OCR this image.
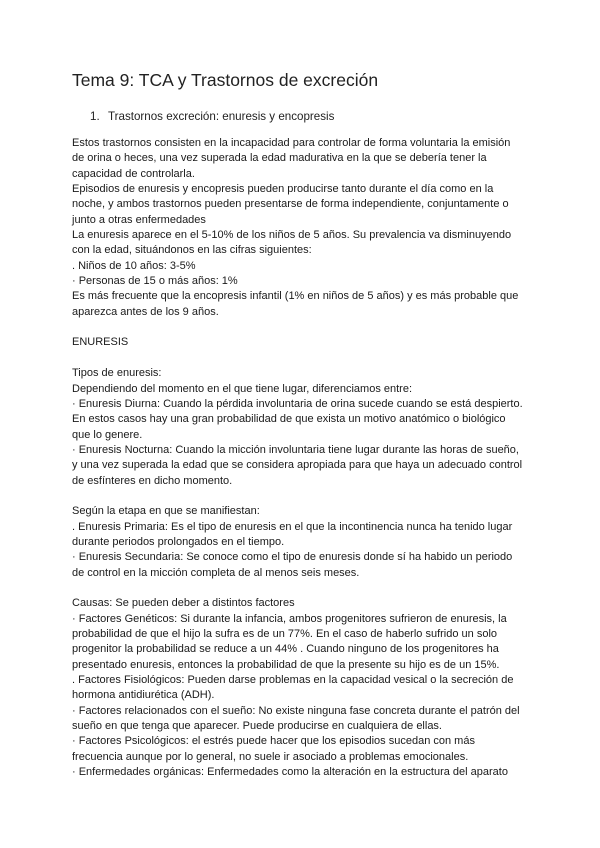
Tema 9: TCA y Trastornos de excreción
1. Trastornos excreción: enuresis y encopresis
Estos trastornos consisten en la incapacidad para controlar de forma voluntaria la emisión
de orina o heces, una vez superada la edad madurativa en la que se debería tener la
capacidad de controlarla.
Episodios de enuresis y encopresis pueden producirse tanto durante el día como en la
noche, y ambos trastornos pueden presentarse de forma independiente, conjuntamente o
junto a otras enfermedades
La enuresis aparece en el 5-10% de los niños de 5 años. Su prevalencia va disminuyendo
con la edad, situándonos en las cifras siguientes:
. Niños de 10 años: 3-5%
· Personas de 15 o más años: 1%
Es más frecuente que la encopresis infantil (1% en niños de 5 años) y es más probable que
aparezca antes de los 9 años.
ENURESIS
Tipos de enuresis:
Dependiendo del momento en el que tiene lugar, diferenciamos entre:
· Enuresis Diurna: Cuando la pérdida involuntaria de orina sucede cuando se está despierto.
En estos casos hay una gran probabilidad de que exista un motivo anatómico o biológico
que lo genere.
· Enuresis Nocturna: Cuando la micción involuntaria tiene lugar durante las horas de sueño,
y una vez superada la edad que se considera apropiada para que haya un adecuado control
de esfínteres en dicho momento.
Según la etapa en que se manifiestan:
. Enuresis Primaria: Es el tipo de enuresis en el que la incontinencia nunca ha tenido lugar
durante periodos prolongados en el tiempo.
· Enuresis Secundaria: Se conoce como el tipo de enuresis donde sí ha habido un periodo
de control en la micción completa de al menos seis meses.
Causas: Se pueden deber a distintos factores
· Factores Genéticos: Si durante la infancia, ambos progenitores sufrieron de enuresis, la
probabilidad de que el hijo la sufra es de un 77%. En el caso de haberlo sufrido un solo
progenitor la probabilidad se reduce a un 44% . Cuando ninguno de los progenitores ha
presentado enuresis, entonces la probabilidad de que la presente su hijo es de un 15%.
. Factores Fisiológicos: Pueden darse problemas en la capacidad vesical o la secreción de
hormona antidiurética (ADH).
· Factores relacionados con el sueño: No existe ninguna fase concreta durante el patrón del
sueño en que tenga que aparecer. Puede producirse en cualquiera de ellas.
· Factores Psicológicos: el estrés puede hacer que los episodios sucedan con más
frecuencia aunque por lo general, no suele ir asociado a problemas emocionales.
· Enfermedades orgánicas: Enfermedades como la alteración en la estructura del aparato
